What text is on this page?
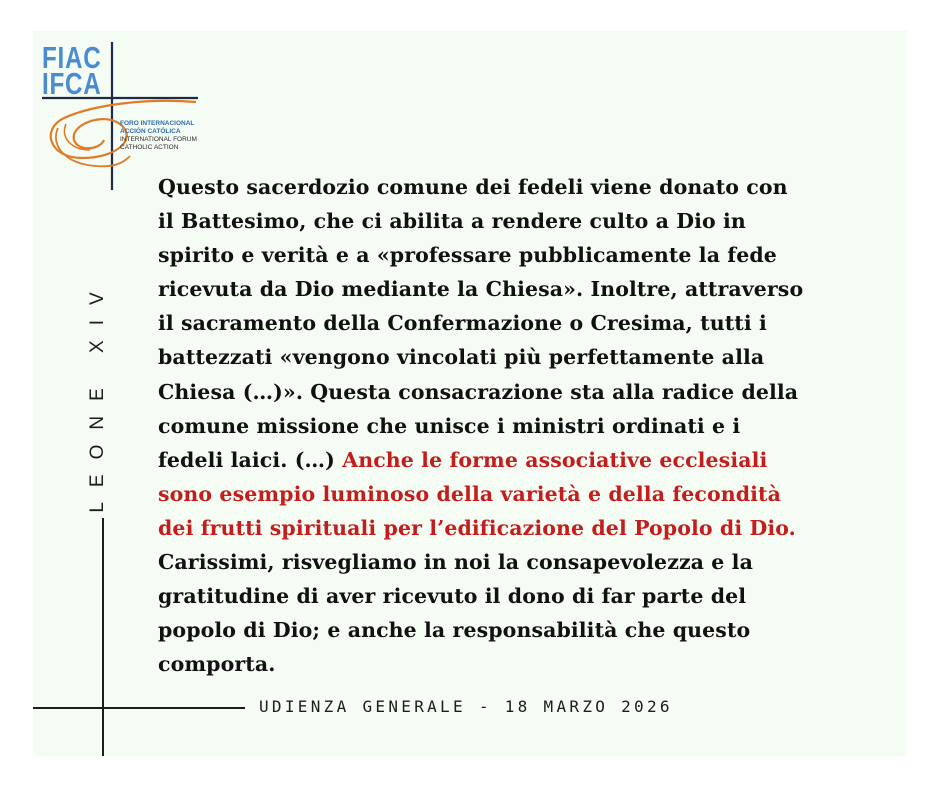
FIAC
IFCA
FORO INTERNACIONAL
ACCIÓN CATÓLICA
INTERNATIONAL FORUM
CATHOLIC ACTION
LEONE XIV

Questo sacerdozio comune dei fedeli viene donato con
il Battesimo, che ci abilita a rendere culto a Dio in
spirito e verità e a «professare pubblicamente la fede
ricevuta da Dio mediante la Chiesa». Inoltre, attraverso
il sacramento della Confermazione o Cresima, tutti i
battezzati «vengono vincolati più perfettamente alla
Chiesa (…)». Questa consacrazione sta alla radice della
comune missione che unisce i ministri ordinati e i
fedeli laici. (…) Anche le forme associative ecclesiali
sono esempio luminoso della varietà e della fecondità
dei frutti spirituali per l’edificazione del Popolo di Dio.
Carissimi, risvegliamo in noi la consapevolezza e la
gratitudine di aver ricevuto il dono di far parte del
popolo di Dio; e anche la responsabilità che questo
comporta.

UDIENZA GENERALE - 18 MARZO 2026
